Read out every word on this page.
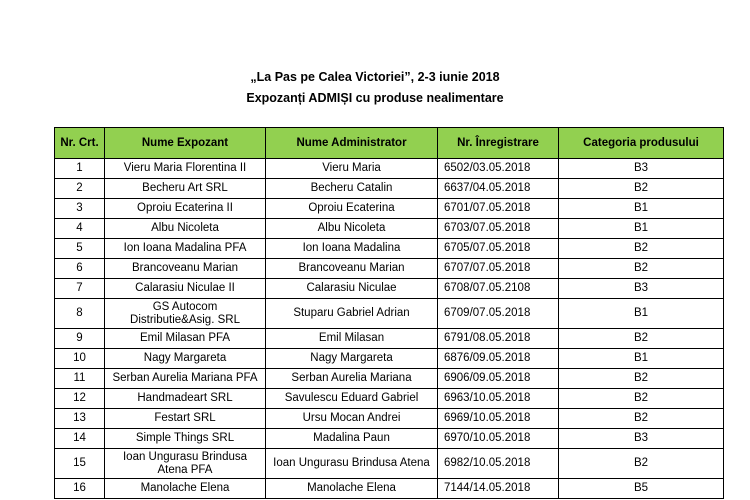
„La Pas pe Calea Victoriei”, 2-3 iunie 2018
Expozanți ADMIȘI cu produse nealimentare
Nr. Crt.	Nume Expozant	Nume Administrator	Nr. Înregistrare	Categoria produsului
1	Vieru Maria Florentina II	Vieru Maria	6502/03.05.2018	B3
2	Becheru Art SRL	Becheru Catalin	6637/04.05.2018	B2
3	Oproiu Ecaterina II	Oproiu Ecaterina	6701/07.05.2018	B1
4	Albu Nicoleta	Albu Nicoleta	6703/07.05.2018	B1
5	Ion Ioana Madalina PFA	Ion Ioana Madalina	6705/07.05.2018	B2
6	Brancoveanu Marian	Brancoveanu Marian	6707/07.05.2018	B2
7	Calarasiu Niculae II	Calarasiu Niculae	6708/07.05.2108	B3
8	GS Autocom Distributie&Asig. SRL	Stuparu Gabriel Adrian	6709/07.05.2018	B1
9	Emil Milasan PFA	Emil Milasan	6791/08.05.2018	B2
10	Nagy Margareta	Nagy Margareta	6876/09.05.2018	B1
11	Serban Aurelia Mariana PFA	Serban Aurelia Mariana	6906/09.05.2018	B2
12	Handmadeart SRL	Savulescu Eduard Gabriel	6963/10.05.2018	B2
13	Festart SRL	Ursu Mocan Andrei	6969/10.05.2018	B2
14	Simple Things SRL	Madalina Paun	6970/10.05.2018	B3
15	Ioan Ungurasu Brindusa Atena PFA	Ioan Ungurasu Brindusa Atena	6982/10.05.2018	B2
16	Manolache Elena	Manolache Elena	7144/14.05.2018	B5
